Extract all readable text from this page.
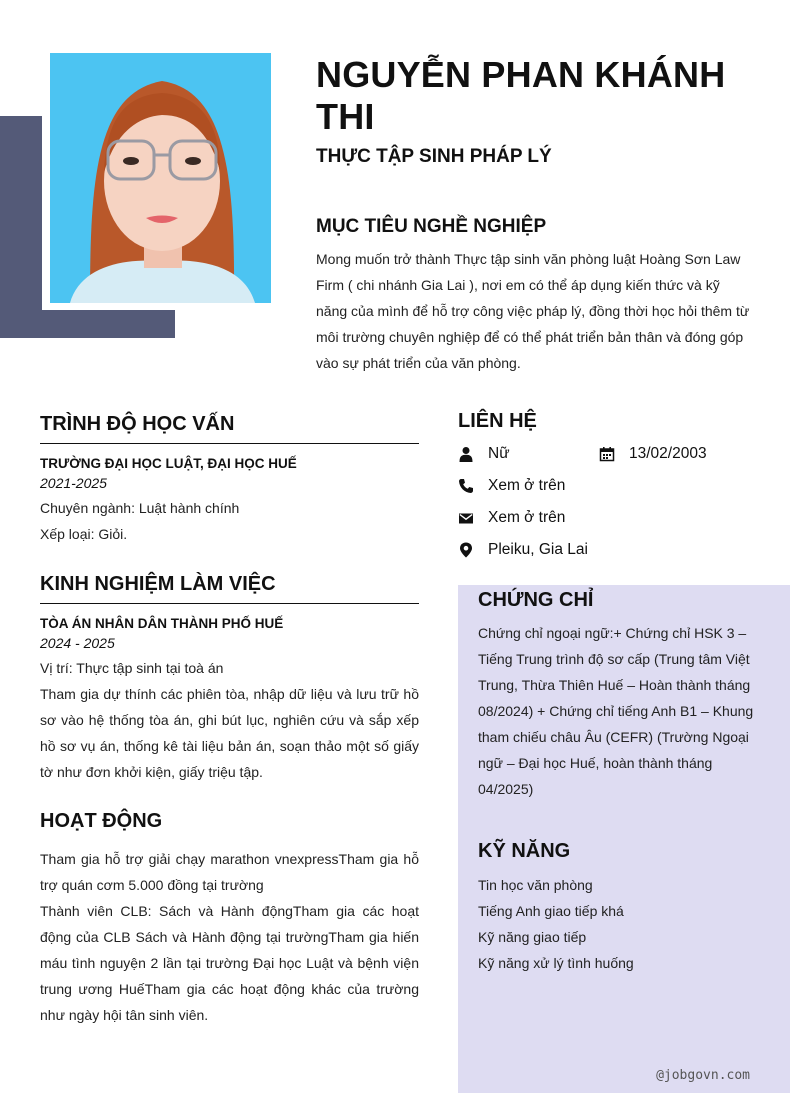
NGUYỄN PHAN KHÁNH THI
THỰC TẬP SINH PHÁP LÝ
MỤC TIÊU NGHỀ NGHIỆP
Mong muốn trở thành Thực tập sinh văn phòng luật Hoàng Sơn Law Firm ( chi nhánh Gia Lai ), nơi em có thể áp dụng kiến thức và kỹ năng của mình để hỗ trợ công việc pháp lý, đồng thời học hỏi thêm từ môi trường chuyên nghiệp để có thể phát triển bản thân và đóng góp vào sự phát triển của văn phòng.
TRÌNH ĐỘ HỌC VẤN
TRƯỜNG ĐẠI HỌC LUẬT, ĐẠI HỌC HUẾ
2021-2025
Chuyên ngành: Luật hành chính
Xếp loại: Giỏi.
KINH NGHIỆM LÀM VIỆC
TÒA ÁN NHÂN DÂN THÀNH PHỐ HUẾ
2024 - 2025
Vị trí: Thực tập sinh tại toà án
Tham gia dự thính các phiên tòa, nhập dữ liệu và lưu trữ hồ sơ vào hệ thống tòa án, ghi bút lục, nghiên cứu và sắp xếp hồ sơ vụ án, thống kê tài liệu bản án, soạn thảo một số giấy tờ như đơn khởi kiện, giấy triệu tập.
HOẠT ĐỘNG
Tham gia hỗ trợ giải chạy marathon vnexpressTham gia hỗ trợ quán cơm 5.000 đồng tại trường
Thành viên CLB: Sách và Hành độngTham gia các hoạt động của CLB Sách và Hành động tại trườngTham gia hiến máu tình nguyện 2 lần tại trường Đại học Luật và bệnh viện trung ương HuếTham gia các hoạt động khác của trường như ngày hội tân sinh viên.
LIÊN HỆ
Nữ	13/02/2003
Xem ở trên
Xem ở trên
Pleiku, Gia Lai
CHỨNG CHỈ
Chứng chỉ ngoại ngữ:+ Chứng chỉ HSK 3 – Tiếng Trung trình độ sơ cấp (Trung tâm Việt Trung, Thừa Thiên Huế – Hoàn thành tháng 08/2024) + Chứng chỉ tiếng Anh B1 – Khung tham chiếu châu Âu (CEFR) (Trường Ngoại ngữ – Đại học Huế, hoàn thành tháng 04/2025)
KỸ NĂNG
Tin học văn phòng
Tiếng Anh giao tiếp khá
Kỹ năng giao tiếp
Kỹ năng xử lý tình huống
@jobgovn.com
